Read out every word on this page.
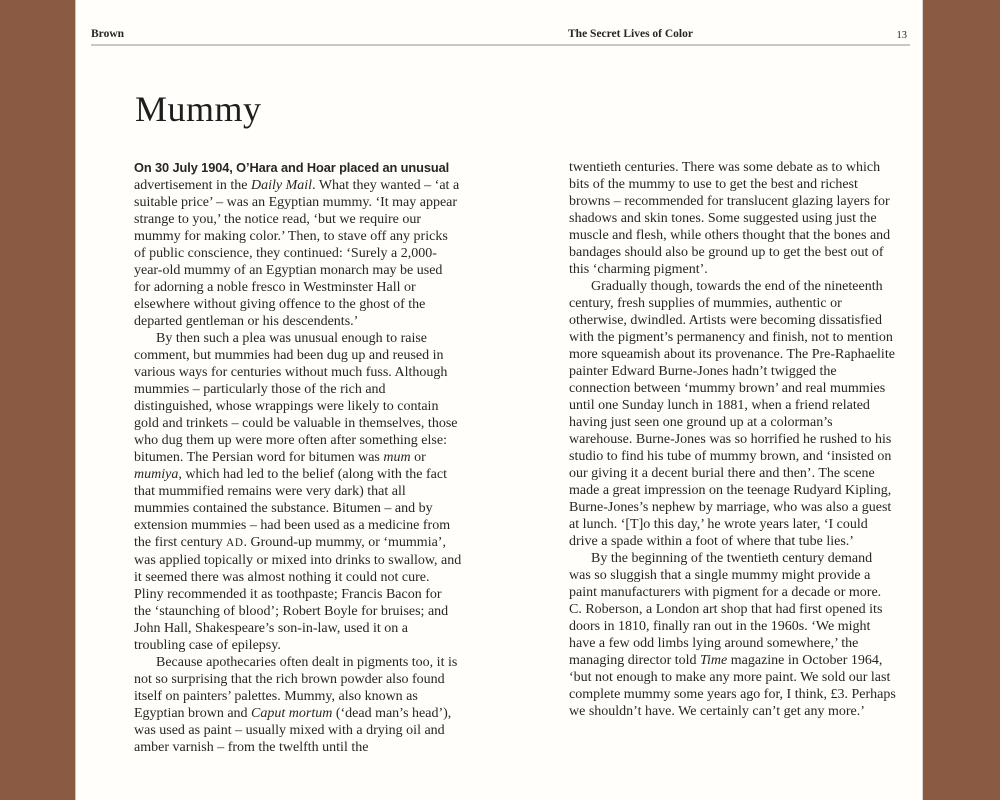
Brown	The Secret Lives of Color	13
Mummy

On 30 July 1904, O’Hara and Hoar placed an unusual advertisement in the Daily Mail. What they wanted – ‘at a suitable price’ – was an Egyptian mummy. ‘It may appear strange to you,’ the notice read, ‘but we require our mummy for making color.’ Then, to stave off any pricks of public conscience, they continued: ‘Surely a 2,000-year-old mummy of an Egyptian monarch may be used for adorning a noble fresco in Westminster Hall or elsewhere without giving offence to the ghost of the departed gentleman or his descendents.’

By then such a plea was unusual enough to raise comment, but mummies had been dug up and reused in various ways for centuries without much fuss. Although mummies – particularly those of the rich and distinguished, whose wrappings were likely to contain gold and trinkets – could be valuable in themselves, those who dug them up were more often after something else: bitumen. The Persian word for bitumen was mum or mumiya, which had led to the belief (along with the fact that mummified remains were very dark) that all mummies contained the substance. Bitumen – and by extension mummies – had been used as a medicine from the first century AD. Ground-up mummy, or ‘mummia’, was applied topically or mixed into drinks to swallow, and it seemed there was almost nothing it could not cure. Pliny recommended it as toothpaste; Francis Bacon for the ‘staunching of blood’; Robert Boyle for bruises; and John Hall, Shakespeare’s son-in-law, used it on a troubling case of epilepsy.

Because apothecaries often dealt in pigments too, it is not so surprising that the rich brown powder also found itself on painters’ palettes. Mummy, also known as Egyptian brown and Caput mortum (‘dead man’s head’), was used as paint – usually mixed with a drying oil and amber varnish – from the twelfth until the

twentieth centuries. There was some debate as to which bits of the mummy to use to get the best and richest browns – recommended for translucent glazing layers for shadows and skin tones. Some suggested using just the muscle and flesh, while others thought that the bones and bandages should also be ground up to get the best out of this ‘charming pigment’.

Gradually though, towards the end of the nineteenth century, fresh supplies of mummies, authentic or otherwise, dwindled. Artists were becoming dissatisfied with the pigment’s permanency and finish, not to mention more squeamish about its provenance. The Pre-Raphaelite painter Edward Burne-Jones hadn’t twigged the connection between ‘mummy brown’ and real mummies until one Sunday lunch in 1881, when a friend related having just seen one ground up at a colorman’s warehouse. Burne-Jones was so horrified he rushed to his studio to find his tube of mummy brown, and ‘insisted on our giving it a decent burial there and then’. The scene made a great impression on the teenage Rudyard Kipling, Burne-Jones’s nephew by marriage, who was also a guest at lunch. ‘[T]o this day,’ he wrote years later, ‘I could drive a spade within a foot of where that tube lies.’

By the beginning of the twentieth century demand was so sluggish that a single mummy might provide a paint manufacturers with pigment for a decade or more. C. Roberson, a London art shop that had first opened its doors in 1810, finally ran out in the 1960s. ‘We might have a few odd limbs lying around somewhere,’ the managing director told Time magazine in October 1964, ‘but not enough to make any more paint. We sold our last complete mummy some years ago for, I think, £3. Perhaps we shouldn’t have. We certainly can’t get any more.’
